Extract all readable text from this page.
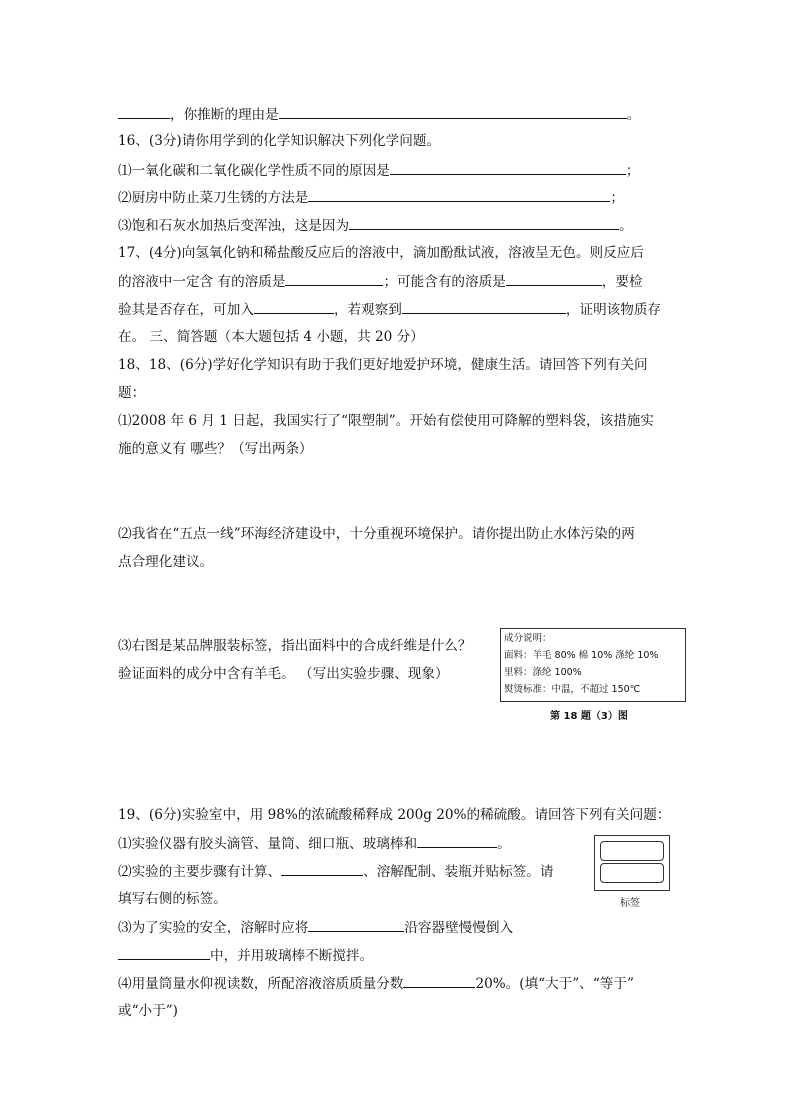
，你推断的理由是	。
16、(3分)请你用学到的化学知识解决下列化学问题。
⑴一氧化碳和二氧化碳化学性质不同的原因是	；
⑵厨房中防止菜刀生锈的方法是	；
⑶饱和石灰水加热后变浑浊，这是因为	。
17、(4分)向氢氧化钠和稀盐酸反应后的溶液中，滴加酚酞试液，溶液呈无色。则反应后
的溶液中一定含 有的溶质是	；可能含有的溶质是	，要检
验其是否存在，可加入	，若观察到	，证明该物质存
在。 三、简答题（本大题包括 4 小题，共 20 分）
18、18、(6分)学好化学知识有助于我们更好地爱护环境，健康生活。请回答下列有关问
题：
⑴2008 年 6 月 1 日起，我国实行了“限塑制”。开始有偿使用可降解的塑料袋，该措施实
施的意义有 哪些？（写出两条）
⑵我省在“五点一线”环海经济建设中，十分重视环境保护。请你提出防止水体污染的两
点合理化建议。
⑶右图是某品牌服装标签，指出面料中的合成纤维是什么？
验证面料的成分中含有羊毛。 （写出实验步骤、现象）
成分说明：
面料：羊毛 80% 棉 10% 涤纶 10%
里料：涤纶 100%
熨烫标准：中温，不超过 150℃
第 18 题（3）图
19、(6分)实验室中，用 98%的浓硫酸稀释成 200g 20%的稀硫酸。请回答下列有关问题：
⑴实验仪器有胶头滴管、量筒、细口瓶、玻璃棒和	。
⑵实验的主要步骤有计算、	、溶解配制、装瓶并贴标签。请
填写右侧的标签。
⑶为了实验的安全，溶解时应将	沿容器壁慢慢倒入
中，并用玻璃棒不断搅拌。
⑷用量筒量水仰视读数，所配溶液溶质质量分数	20%。(填“大于”、“等于”
或“小于”)
标签
